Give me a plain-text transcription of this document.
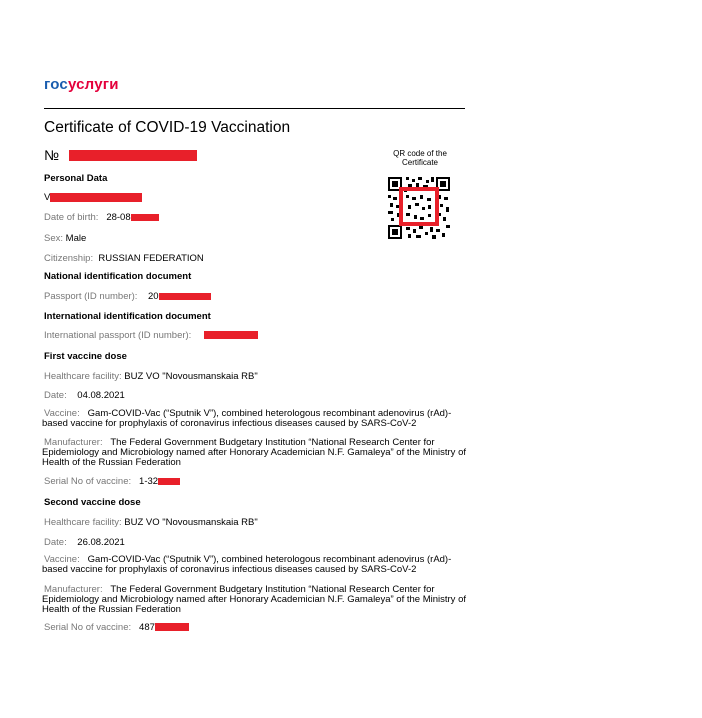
госуслуги
Certificate of COVID-19 Vaccination
№	QR code of the Certificate
Personal Data
V
Date of birth: 28-08
Sex: Male
Citizenship: RUSSIAN FEDERATION
National identification document
Passport (ID number): 20
International identification document
International passport (ID number):
First vaccine dose
Healthcare facility: BUZ VO "Novousmanskaia RB"
Date: 04.08.2021
Vaccine: Gam-COVID-Vac (“Sputnik V”), combined heterologous recombinant adenovirus (rAd)-based vaccine for prophylaxis of coronavirus infectious diseases caused by SARS-CoV-2
Manufacturer: The Federal Government Budgetary Institution “National Research Center for Epidemiology and Microbiology named after Honorary Academician N.F. Gamaleya” of the Ministry of Health of the Russian Federation
Serial No of vaccine: 1-32
Second vaccine dose
Healthcare facility: BUZ VO "Novousmanskaia RB"
Date: 26.08.2021
Vaccine: Gam-COVID-Vac (“Sputnik V”), combined heterologous recombinant adenovirus (rAd)-based vaccine for prophylaxis of coronavirus infectious diseases caused by SARS-CoV-2
Manufacturer: The Federal Government Budgetary Institution “National Research Center for Epidemiology and Microbiology named after Honorary Academician N.F. Gamaleya” of the Ministry of Health of the Russian Federation
Serial No of vaccine: 487
